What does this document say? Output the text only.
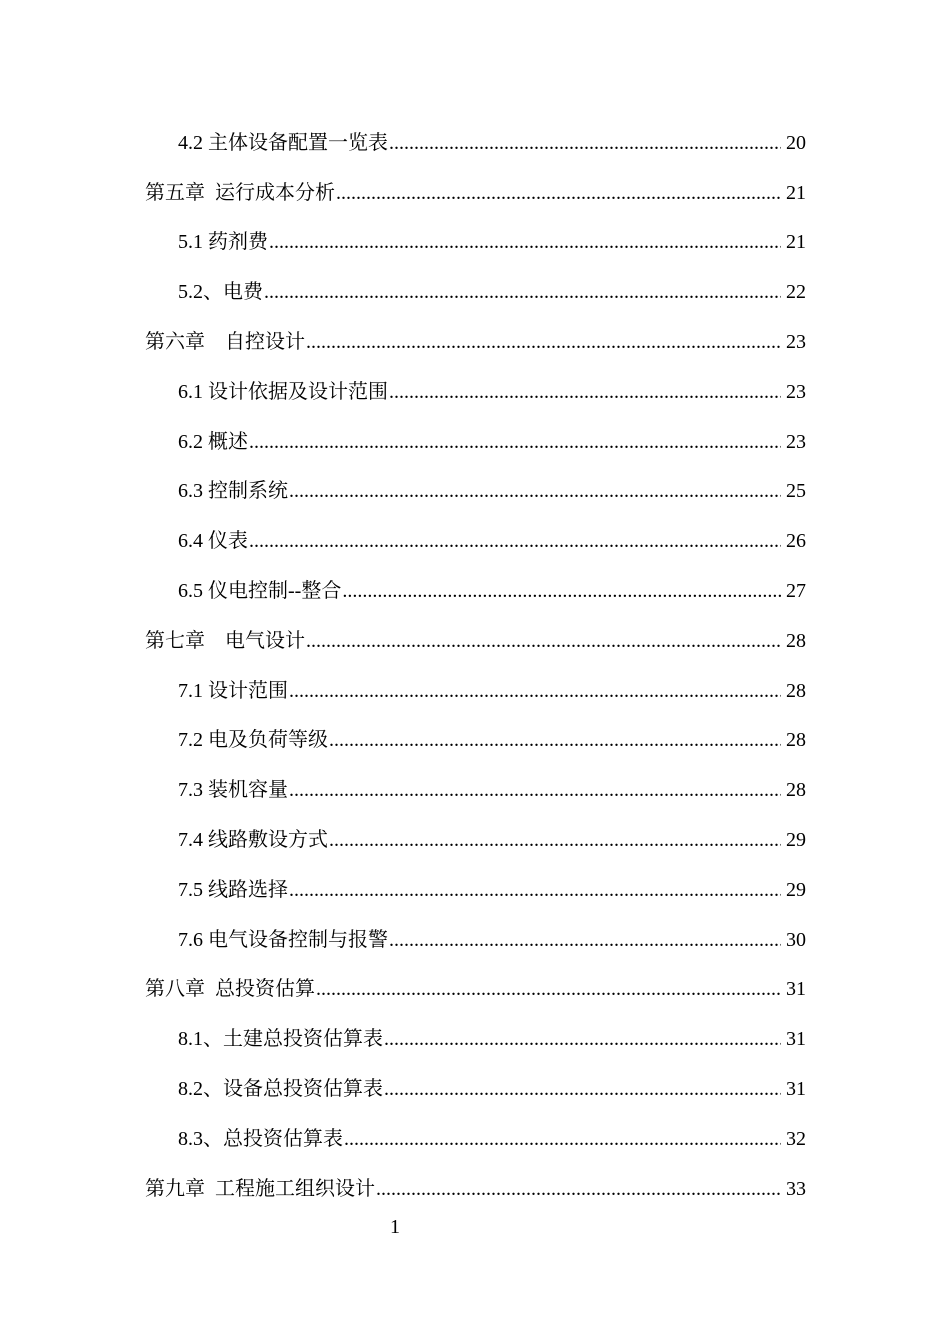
4.2 主体设备配置一览表 .....	20
第五章  运行成本分析 .....	21
5.1 药剂费 .....	21
5.2、电费 .....	22
第六章    自控设计 .....	23
6.1 设计依据及设计范围 .....	23
6.2 概述 .....	23
6.3 控制系统 .....	25
6.4 仪表 .....	26
6.5 仪电控制--整合 .....	27
第七章    电气设计 .....	28
7.1 设计范围 .....	28
7.2 电及负荷等级 .....	28
7.3 装机容量 .....	28
7.4 线路敷设方式 .....	29
7.5 线路选择 .....	29
7.6 电气设备控制与报警 .....	30
第八章  总投资估算 .....	31
8.1、土建总投资估算表 .....	31
8.2、设备总投资估算表 .....	31
8.3、总投资估算表 .....	32
第九章  工程施工组织设计 .....	33
1
